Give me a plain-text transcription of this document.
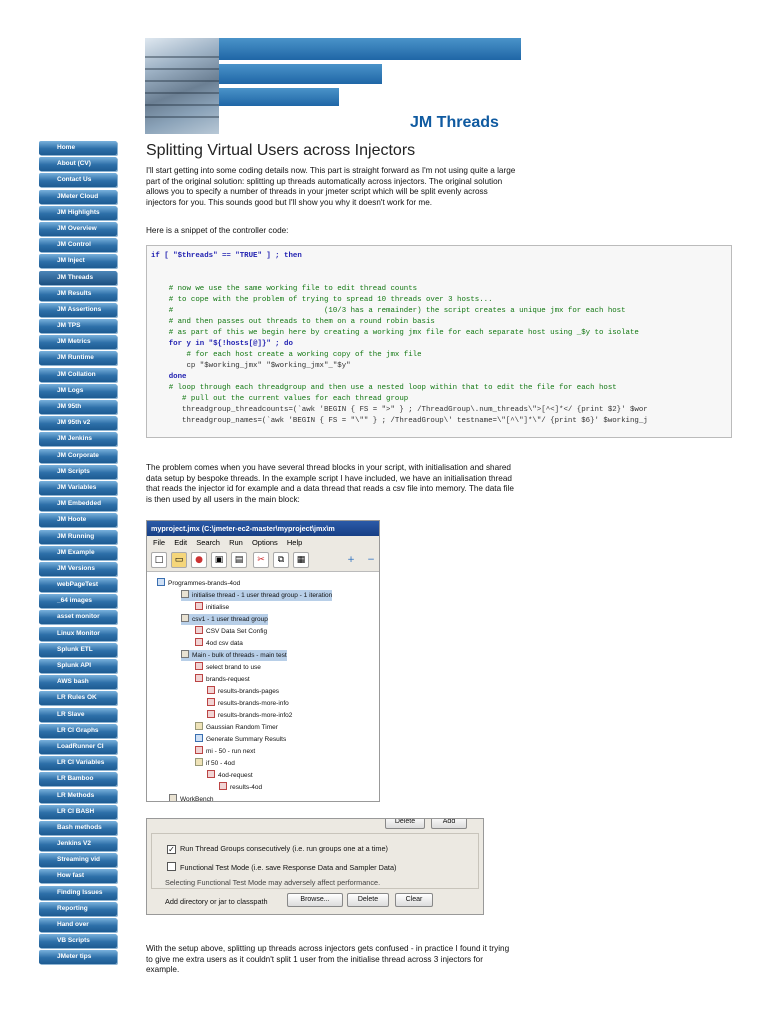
JM Threads
Home
About (CV)
Contact Us
JMeter Cloud
JM Highlights
JM Overview
JM Control
JM Inject
JM Threads
JM Results
JM Assertions
JM TPS
JM Metrics
JM Runtime
JM Collation
JM Logs
JM 95th
JM 95th v2
JM Jenkins
JM Corporate
JM Scripts
JM Variables
JM Embedded
JM Hoote
JM Running
JM Example
JM Versions
webPageTest
_64 images
asset monitor
Linux Monitor
Splunk ETL
Splunk API
AWS bash
LR Rules OK
LR Slave
LR CI Graphs
LoadRunner CI
LR CI Variables
LR Bamboo
LR Methods
LR CI BASH
Bash methods
Jenkins V2
Streaming vid
How fast
Finding Issues
Reporting
Hand over
VB Scripts
JMeter tips
Splitting Virtual Users across Injectors
I'll start getting into some coding details now. This part is straight forward as I'm not using quite a large part of the original solution: splitting up threads automatically across injectors. The original solution allows you to specify a number of threads in your jmeter script which will be split evenly across injectors for you. This sounds good but I'll show you why it doesn't work for me.
Here is a snippet of the controller code:
if [ "$threads" == "TRUE" ] ; then

# now we use the same working file to edit thread counts
# to cope with the problem of trying to spread 10 threads over 3 hosts...
#                                  (10/3 has a remainder) the script creates a unique jmx for each host
# and then passes out threads to them on a round robin basis
# as part of this we begin here by creating a working jmx file for each separate host using _$y to isolate
for y in "${!hosts[@]}" ; do
# for each host create a working copy of the jmx file
cp "$working_jmx" "$working_jmx"_"$y"
done
# loop through each threadgroup and then use a nested loop within that to edit the file for each host
# pull out the current values for each thread group
threadgroup_threadcounts=(`awk 'BEGIN { FS = ">" } ; /ThreadGroup\.num_threads\">[^<]*</ {print $2}' $wor
threadgroup_names=(`awk 'BEGIN { FS = "\"" } ; /ThreadGroup\' testname=\"[^\"]*\"/ {print $6}' $working_j
The problem comes when you have several thread blocks in your script, with initialisation and shared data setup by bespoke threads. In the example script I have included, we have an initialisation thread that reads the injector id for example and a data thread that reads a csv file into memory. The data file is then used by all users in the main block:
myproject.jmx (C:\jmeter-ec2-master\myproject\jmx\m
File Edit Search Run Options Help
□	▭	●	▣	▤	✂	⧉	▦	+	−
Programmes-brands-4od
initialise thread - 1 user thread group - 1 iteration
initialise
csv1 - 1 user thread group
CSV Data Set Config
4od csv data
Main - bulk of threads - main test
select brand to use
brands-request
results-brands-pages
results-brands-more-info
results-brands-more-info2
Gaussian Random Timer
Generate Summary Results
mi - 50 - run next
if 50 - 4od
4od-request
results-4od
WorkBench
Delete	Add
✓ Run Thread Groups consecutively (i.e. run groups one at a time)
Functional Test Mode (i.e. save Response Data and Sampler Data)
Selecting Functional Test Mode may adversely affect performance.
Add directory or jar to classpath	Browse...	Delete	Clear
With the setup above, splitting up threads across injectors gets confused - in practice I found it trying to give me extra users as it couldn't split 1 user from the initialise thread across 3 injectors for example.
